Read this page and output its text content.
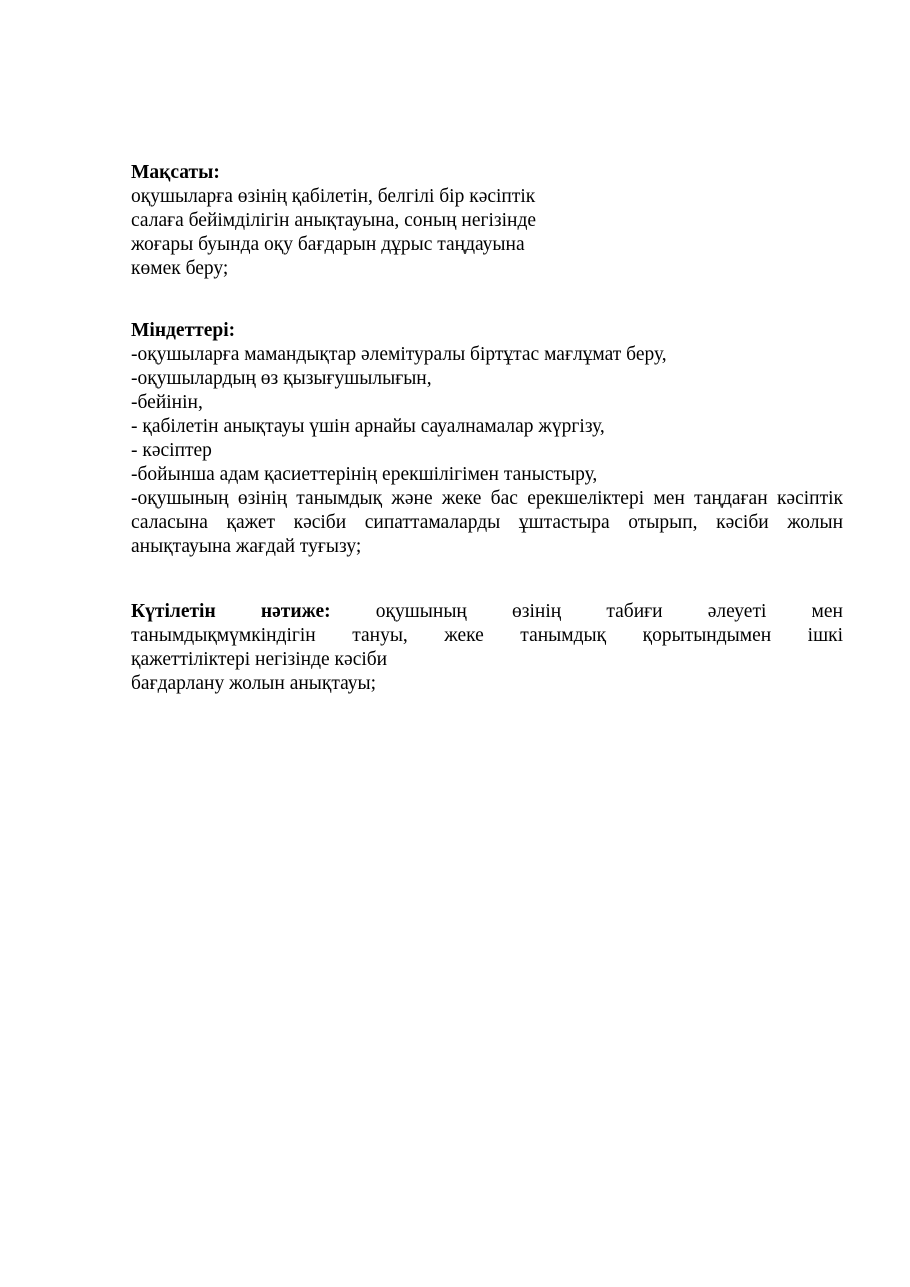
Мақсаты:
оқушыларға өзінің қабілетін, белгілі бір кәсіптік
салаға бейімділігін анықтауына, соның негізінде
жоғары буында оқу бағдарын дұрыс таңдауына
көмек беру;
Міндеттері:
-оқушыларға мамандықтар әлемітуралы біртұтас мағлұмат беру,
-оқушылардың өз қызығушылығын,
-бейінін,
- қабілетін анықтауы үшін арнайы сауалнамалар жүргізу,
- кәсіптер
-бойынша адам қасиеттерінің ерекшілігімен таныстыру,
-оқушының өзінің танымдық және жеке бас ерекшеліктері мен таңдаған кәсіптік саласына қажет кәсіби сипаттамаларды ұштастыра отырып, кәсіби жолын анықтауына жағдай туғызу;
Күтілетін нәтиже: оқушының өзінің табиғи әлеуеті мен
танымдықмүмкіндігін тануы, жеке танымдық қорытындымен ішкі
қажеттіліктері негізінде кәсіби
бағдарлану жолын анықтауы;
